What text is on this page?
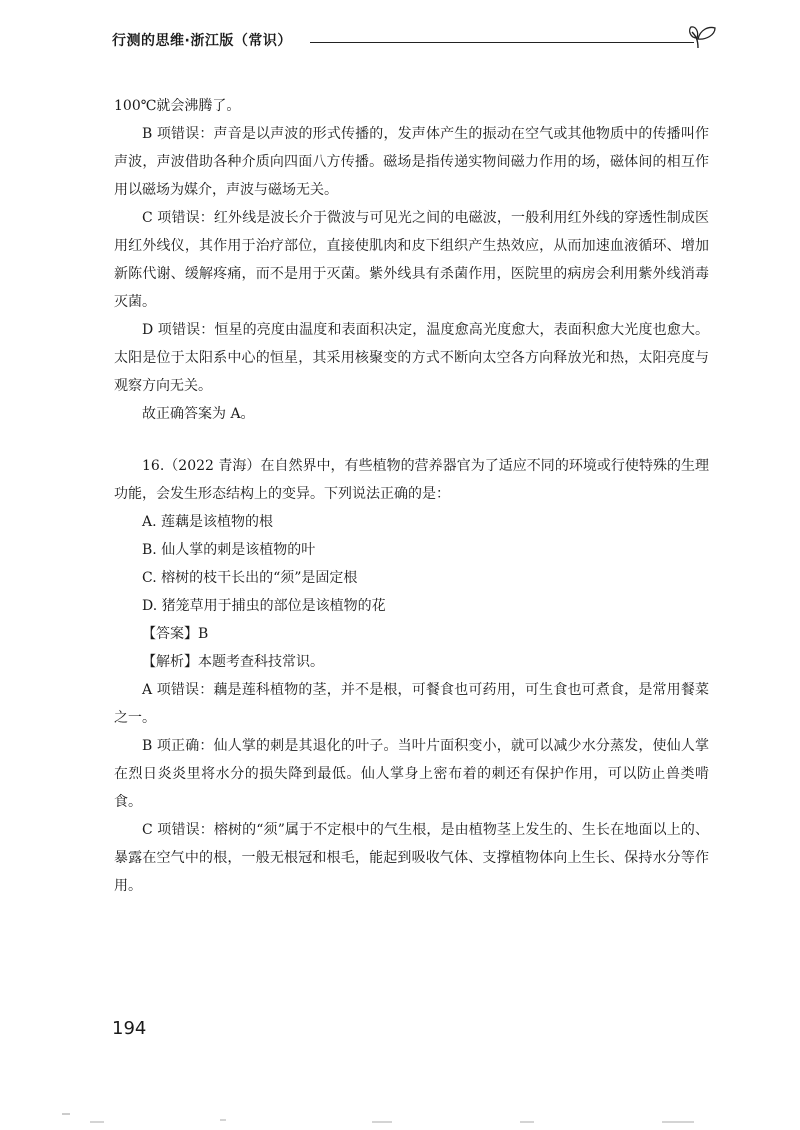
行测的思维·浙江版（常识）

100℃就会沸腾了。

B 项错误：声音是以声波的形式传播的，发声体产生的振动在空气或其他物质中的传播叫作声波，声波借助各种介质向四面八方传播。磁场是指传递实物间磁力作用的场，磁体间的相互作用以磁场为媒介，声波与磁场无关。

C 项错误：红外线是波长介于微波与可见光之间的电磁波，一般利用红外线的穿透性制成医用红外线仪，其作用于治疗部位，直接使肌肉和皮下组织产生热效应，从而加速血液循环、增加新陈代谢、缓解疼痛，而不是用于灭菌。紫外线具有杀菌作用，医院里的病房会利用紫外线消毒灭菌。

D 项错误：恒星的亮度由温度和表面积决定，温度愈高光度愈大，表面积愈大光度也愈大。太阳是位于太阳系中心的恒星，其采用核聚变的方式不断向太空各方向释放光和热，太阳亮度与观察方向无关。

故正确答案为 A。

16.（2022 青海）在自然界中，有些植物的营养器官为了适应不同的环境或行使特殊的生理功能，会发生形态结构上的变异。下列说法正确的是：

A. 莲藕是该植物的根

B. 仙人掌的刺是该植物的叶

C. 榕树的枝干长出的“须”是固定根

D. 猪笼草用于捕虫的部位是该植物的花

【答案】B

【解析】本题考查科技常识。

A 项错误：藕是莲科植物的茎，并不是根，可餐食也可药用，可生食也可煮食，是常用餐菜之一。

B 项正确：仙人掌的刺是其退化的叶子。当叶片面积变小，就可以减少水分蒸发，使仙人掌在烈日炎炎里将水分的损失降到最低。仙人掌身上密布着的刺还有保护作用，可以防止兽类啃食。

C 项错误：榕树的“须”属于不定根中的气生根，是由植物茎上发生的、生长在地面以上的、暴露在空气中的根，一般无根冠和根毛，能起到吸收气体、支撑植物体向上生长、保持水分等作用。

194
